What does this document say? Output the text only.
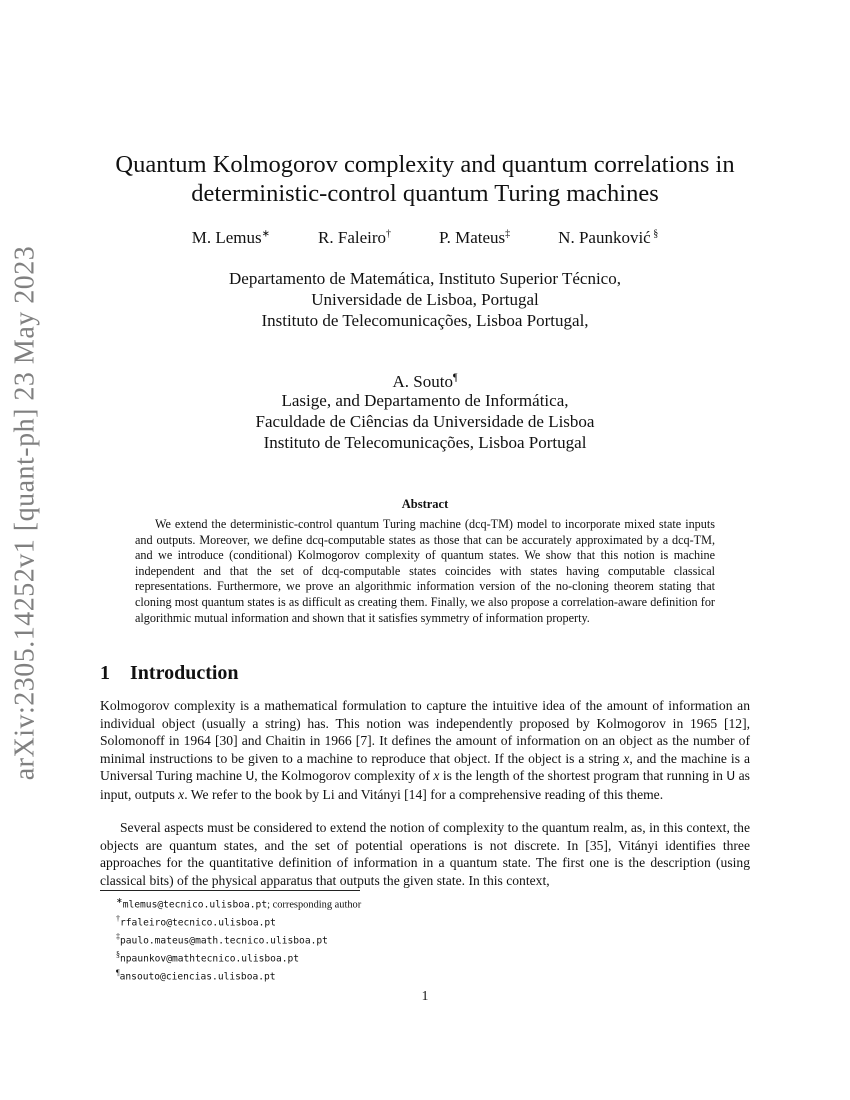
arXiv:2305.14252v1 [quant-ph] 23 May 2023
Quantum Kolmogorov complexity and quantum correlations in
deterministic-control quantum Turing machines
M. Lemus∗	R. Faleiro†	P. Mateus‡	N. Paunković §
Departamento de Matemática, Instituto Superior Técnico,
Universidade de Lisboa, Portugal
Instituto de Telecomunicações, Lisboa Portugal,
A. Souto¶
Lasige, and Departamento de Informática,
Faculdade de Ciências da Universidade de Lisboa
Instituto de Telecomunicações, Lisboa Portugal
Abstract

We extend the deterministic-control quantum Turing machine (dcq-TM) model to incorporate mixed state inputs and outputs. Moreover, we define dcq-computable states as those that can be accurately approximated by a dcq-TM, and we introduce (conditional) Kolmogorov complexity of quantum states. We show that this notion is machine independent and that the set of dcq-computable states coincides with states having computable classical representations. Furthermore, we prove an algorithmic information version of the no-cloning theorem stating that cloning most quantum states is as difficult as creating them. Finally, we also propose a correlation-aware definition for algorithmic mutual information and shown that it satisfies symmetry of information property.

1 Introduction

Kolmogorov complexity is a mathematical formulation to capture the intuitive idea of the amount of information an individual object (usually a string) has. This notion was independently proposed by Kolmogorov in 1965 [12], Solomonoff in 1964 [30] and Chaitin in 1966 [7]. It defines the amount of information on an object as the number of minimal instructions to be given to a machine to reproduce that object. If the object is a string x, and the machine is a Universal Turing machine U, the Kolmogorov complexity of x is the length of the shortest program that running in U as input, outputs x. We refer to the book by Li and Vitányi [14] for a comprehensive reading of this theme.

Several aspects must be considered to extend the notion of complexity to the quantum realm, as, in this context, the objects are quantum states, and the set of potential operations is not discrete. In [35], Vitányi identifies three approaches for the quantitative definition of information in a quantum state. The first one is the description (using classical bits) of the physical apparatus that outputs the given state. In this context,

∗mlemus@tecnico.ulisboa.pt; corresponding author
†rfaleiro@tecnico.ulisboa.pt
‡paulo.mateus@math.tecnico.ulisboa.pt
§npaunkov@mathtecnico.ulisboa.pt
¶ansouto@ciencias.ulisboa.pt
1
